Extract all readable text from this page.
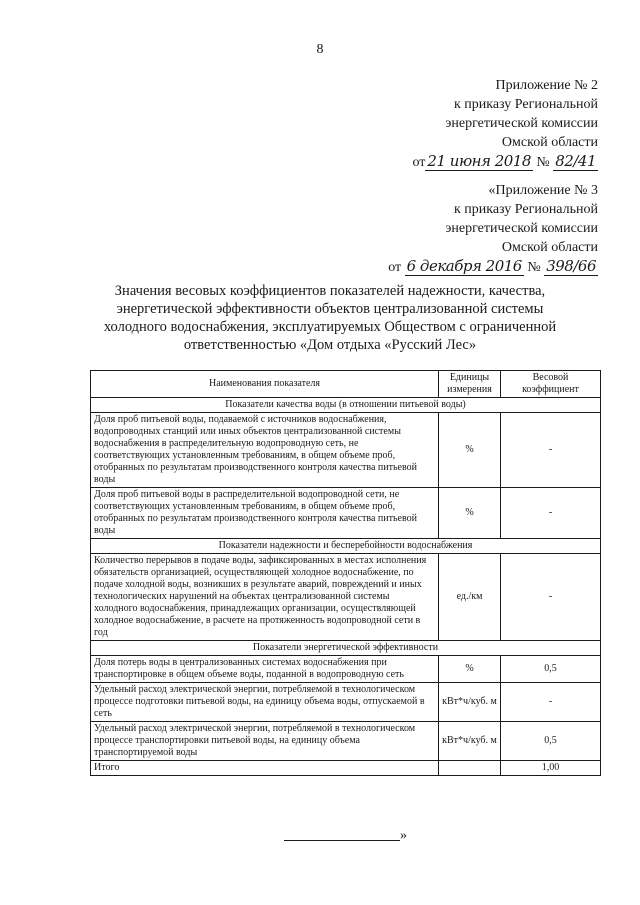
8
Приложение № 2
к приказу Региональной
энергетической комиссии
Омской области
от 21 июня 2018 № 82/41
«Приложение № 3
к приказу Региональной
энергетической комиссии
Омской области
от 6 декабря 2016 № 398/66
Значения весовых коэффициентов показателей надежности, качества,
энергетической эффективности объектов централизованной системы
холодного водоснабжения, эксплуатируемых Обществом с ограниченной
ответственностью «Дом отдыха «Русский Лес»
Наименования показателя	Единицы измерения	Весовой коэффициент
Показатели качества воды (в отношении питьевой воды)		
Доля проб питьевой воды, подаваемой с источников водоснабжения, водопроводных станций или иных объектов централизованной системы водоснабжения в распределительную водопроводную сеть, не соответствующих установленным требованиям, в общем объеме проб, отобранных по результатам производственного контроля качества питьевой воды	%	-
Доля проб питьевой воды в распределительной водопроводной сети, не соответствующих установленным требованиям, в общем объеме проб, отобранных по результатам производственного контроля качества питьевой воды	%	-
Показатели надежности и бесперебойности водоснабжения		
Количество перерывов в подаче воды, зафиксированных в местах исполнения обязательств организацией, осуществляющей холодное водоснабжение, по подаче холодной воды, возникших в результате аварий, повреждений и иных технологических нарушений на объектах централизованной системы холодного водоснабжения, принадлежащих организации, осуществляющей холодное водоснабжение, в расчете на протяженность водопроводной сети в год	ед./км	-
Показатели энергетической эффективности		
Доля потерь воды в централизованных системах водоснабжения при транспортировке в общем объеме воды, поданной в водопроводную сеть	%	0,5
Удельный расход электрической энергии, потребляемой в технологическом процессе подготовки питьевой воды, на единицу объема воды, отпускаемой в сеть	кВт*ч/куб. м	-
Удельный расход электрической энергии, потребляемой в технологическом процессе транспортировки питьевой воды, на единицу объема транспортируемой воды	кВт*ч/куб. м	0,5
Итого		1,00
»
